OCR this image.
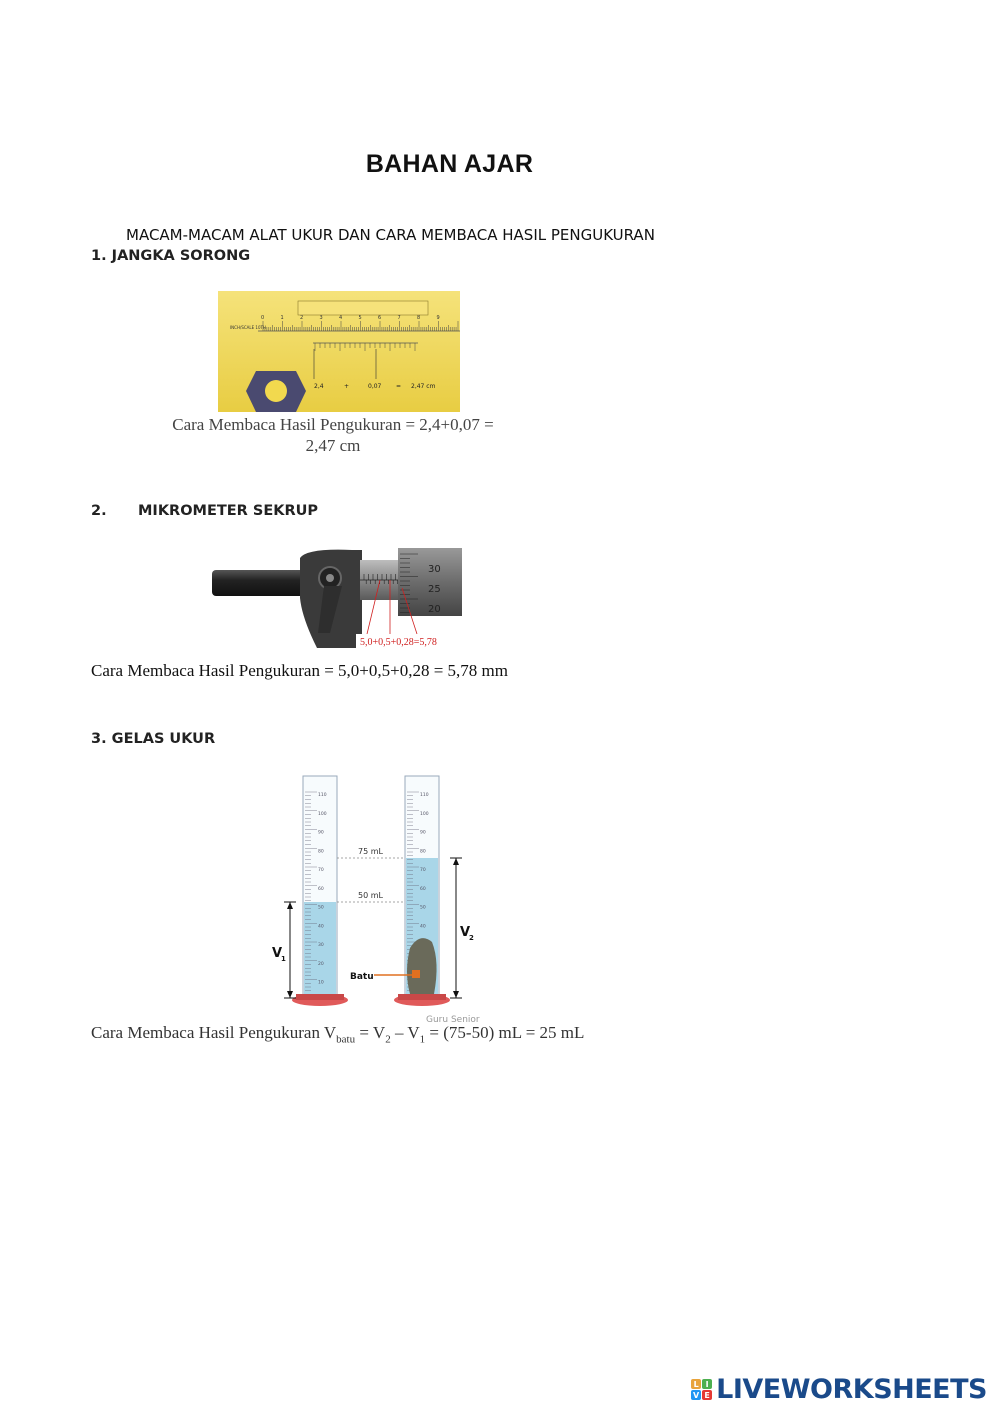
BAHAN AJAR
MACAM-MACAM ALAT UKUR DAN CARA MEMBACA HASIL PENGUKURAN
1. JANGKA SORONG
0	1	2	3	4	5	6	7	8	9
INCH/SCALE 10TH
2,4	+	0,07 = 2,47 cm
Cara Membaca Hasil Pengukuran = 2,4+0,07 =
2,47 cm
2. MIKROMETER SEKRUP
30
25
20
5,0+0,5+0,28=5,78
Cara Membaca Hasil Pengukuran = 5,0+0,5+0,28 = 5,78 mm
3. GELAS UKUR
110
100
90
80
70
60
50
40
30
20
10
110
100
90
80
70
60
50
40
75 mL
50 mL
V
1
V
2
Batu
Guru Senior
Cara Membaca Hasil Pengukuran $V_{batu} = V_2 - V_1 = (75-50)$ mL = 25 mL
L I
V E LIVEWORKSHEETS
